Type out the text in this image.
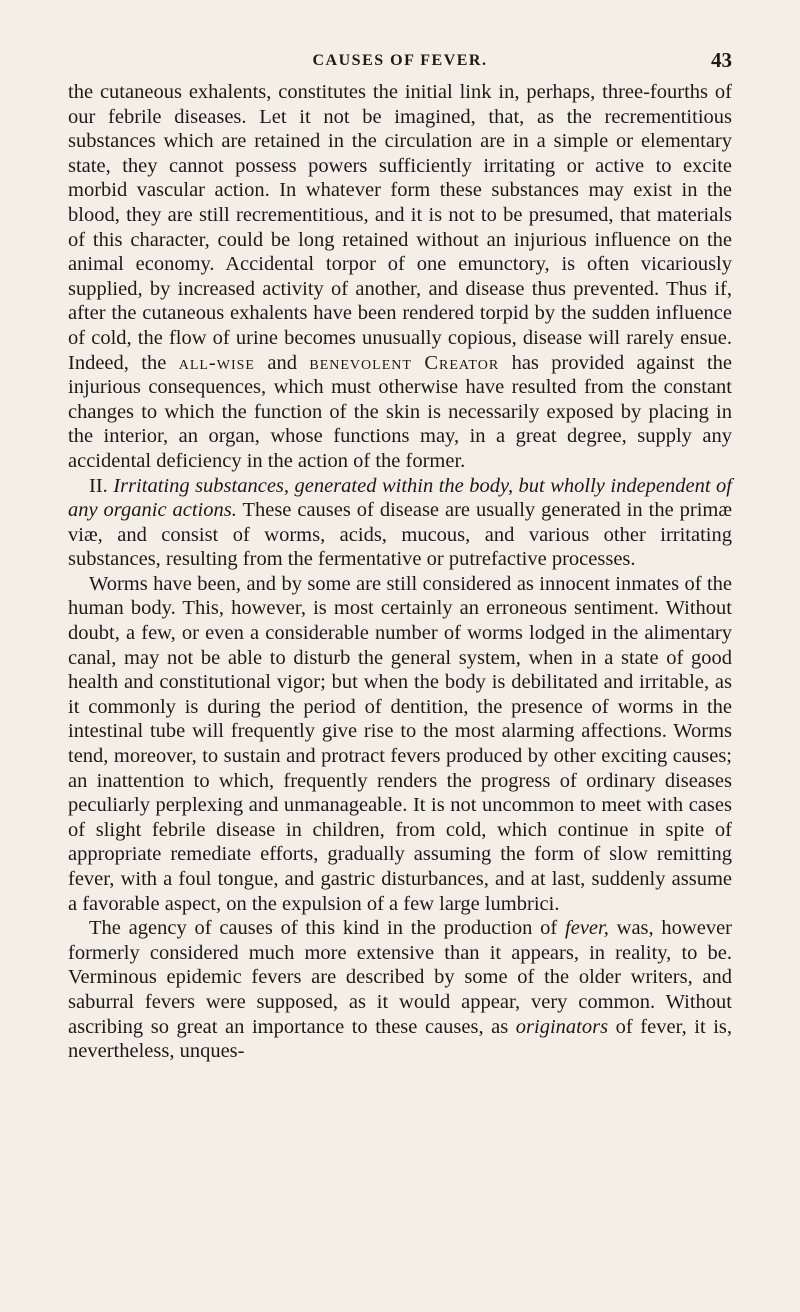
CAUSES OF FEVER.	43

the cutaneous exhalents, constitutes the initial link in, perhaps, three-fourths of our febrile diseases. Let it not be imagined, that, as the recrementitious substances which are retained in the circulation are in a simple or elementary state, they cannot possess powers sufficiently irritating or active to excite morbid vascular action. In whatever form these substances may exist in the blood, they are still recrementitious, and it is not to be presumed, that materials of this character, could be long retained without an injurious influence on the animal economy. Accidental torpor of one emunctory, is often vicariously supplied, by increased activity of another, and disease thus prevented. Thus if, after the cutaneous exhalents have been rendered torpid by the sudden influence of cold, the flow of urine becomes unusually copious, disease will rarely ensue. Indeed, the all-wise and benevolent Creator has provided against the injurious consequences, which must otherwise have resulted from the constant changes to which the function of the skin is necessarily exposed by placing in the interior, an organ, whose functions may, in a great degree, supply any accidental deficiency in the action of the former.

II. Irritating substances, generated within the body, but wholly independent of any organic actions. These causes of disease are usually generated in the primæ viæ, and consist of worms, acids, mucous, and various other irritating substances, resulting from the fermentative or putrefactive processes.

Worms have been, and by some are still considered as innocent inmates of the human body. This, however, is most certainly an erroneous sentiment. Without doubt, a few, or even a considerable number of worms lodged in the alimentary canal, may not be able to disturb the general system, when in a state of good health and constitutional vigor; but when the body is debilitated and irritable, as it commonly is during the period of dentition, the presence of worms in the intestinal tube will frequently give rise to the most alarming affections. Worms tend, moreover, to sustain and protract fevers produced by other exciting causes; an inattention to which, frequently renders the progress of ordinary diseases peculiarly perplexing and unmanageable. It is not uncommon to meet with cases of slight febrile disease in children, from cold, which continue in spite of appropriate remediate efforts, gradually assuming the form of slow remitting fever, with a foul tongue, and gastric disturbances, and at last, suddenly assume a favorable aspect, on the expulsion of a few large lumbrici.

The agency of causes of this kind in the production of fever, was, however formerly considered much more extensive than it appears, in reality, to be. Verminous epidemic fevers are described by some of the older writers, and saburral fevers were supposed, as it would appear, very common. Without ascribing so great an importance to these causes, as originators of fever, it is, nevertheless, unques-
